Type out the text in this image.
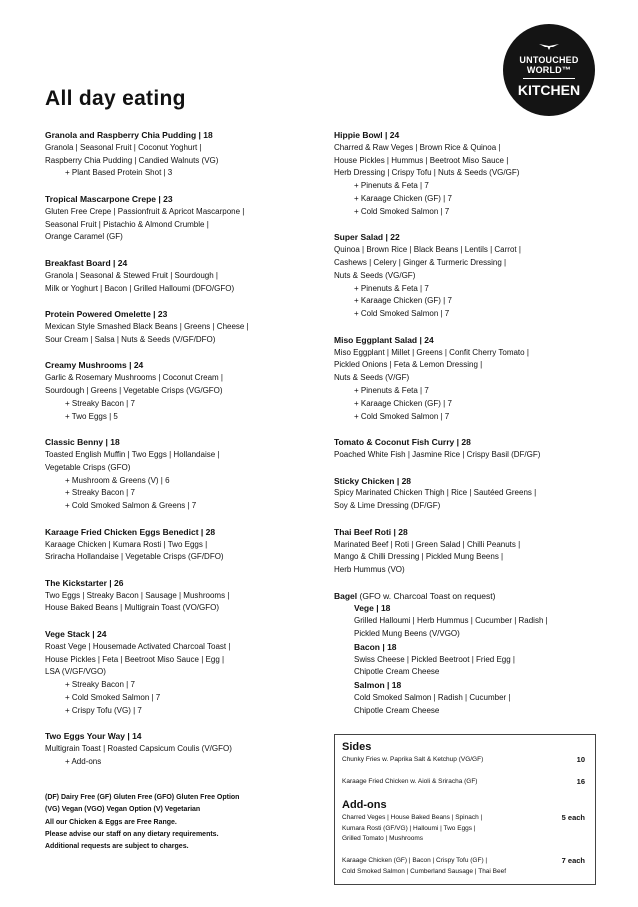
UNTOUCHED
WORLD™
KITCHEN
All day eating
Granola and Raspberry Chia Pudding | 18

Granola | Seasonal Fruit | Coconut Yoghurt |
Raspberry Chia Pudding | Candied Walnuts (VG)

+ Plant Based Protein Shot | 3
Tropical Mascarpone Crepe | 23

Gluten Free Crepe | Passionfruit & Apricot Mascarpone |
Seasonal Fruit | Pistachio & Almond Crumble |
Orange Caramel (GF)

Breakfast Board | 24

Granola | Seasonal & Stewed Fruit | Sourdough |
Milk or Yoghurt | Bacon | Grilled Halloumi (DFO/GFO)

Protein Powered Omelette | 23

Mexican Style Smashed Black Beans | Greens | Cheese |
Sour Cream | Salsa | Nuts & Seeds (V/GF/DFO)

Creamy Mushrooms | 24

Garlic & Rosemary Mushrooms | Coconut Cream |
Sourdough | Greens | Vegetable Crisps (VG/GFO)

+ Streaky Bacon | 7
+ Two Eggs | 5
Classic Benny | 18

Toasted English Muffin | Two Eggs | Hollandaise |
Vegetable Crisps (GFO)

+ Mushroom & Greens (V) | 6
+ Streaky Bacon | 7
+ Cold Smoked Salmon & Greens | 7
Karaage Fried Chicken Eggs Benedict | 28

Karaage Chicken | Kumara Rosti | Two Eggs |
Sriracha Hollandaise | Vegetable Crisps (GF/DFO)

The Kickstarter | 26

Two Eggs | Streaky Bacon | Sausage | Mushrooms |
House Baked Beans | Multigrain Toast (VO/GFO)

Vege Stack | 24

Roast Vege | Housemade Activated Charcoal Toast |
House Pickles | Feta | Beetroot Miso Sauce | Egg |
LSA (V/GF/VGO)

+ Streaky Bacon | 7
+ Cold Smoked Salmon | 7
+ Crispy Tofu (VG) | 7
Two Eggs Your Way | 14

Multigrain Toast | Roasted Capsicum Coulis (V/GFO)

+ Add-ons
Hippie Bowl | 24

Charred & Raw Veges | Brown Rice & Quinoa |
House Pickles | Hummus | Beetroot Miso Sauce |
Herb Dressing | Crispy Tofu | Nuts & Seeds (VG/GF)

+ Pinenuts & Feta | 7
+ Karaage Chicken (GF) | 7
+ Cold Smoked Salmon | 7
Super Salad | 22

Quinoa | Brown Rice | Black Beans | Lentils | Carrot |
Cashews | Celery | Ginger & Turmeric Dressing |
Nuts & Seeds (VG/GF)

+ Pinenuts & Feta | 7
+ Karaage Chicken (GF) | 7
+ Cold Smoked Salmon | 7
Miso Eggplant Salad | 24

Miso Eggplant | Millet | Greens | Confit Cherry Tomato |
Pickled Onions | Feta & Lemon Dressing |
Nuts & Seeds (V/GF)

+ Pinenuts & Feta | 7
+ Karaage Chicken (GF) | 7
+ Cold Smoked Salmon | 7
Tomato & Coconut Fish Curry | 28

Poached White Fish | Jasmine Rice | Crispy Basil (DF/GF)

Sticky Chicken | 28

Spicy Marinated Chicken Thigh | Rice | Sautéed Greens |
Soy & Lime Dressing (DF/GF)

Thai Beef Roti | 28

Marinated Beef | Roti | Green Salad | Chilli Peanuts |
Mango & Chilli Dressing | Pickled Mung Beens |
Herb Hummus (VO)

Bagel (GFO w. Charcoal Toast on request)
Vege | 18

Grilled Halloumi | Herb Hummus | Cucumber | Radish |
Pickled Mung Beens (V/VGO)

Bacon | 18

Swiss Cheese | Pickled Beetroot | Fried Egg |
Chipotle Cream Cheese

Salmon | 18

Cold Smoked Salmon | Radish | Cucumber |
Chipotle Cream Cheese

(DF) Dairy Free (GF) Gluten Free (GFO) Gluten Free Option

(VG) Vegan (VGO) Vegan Option (V) Vegetarian

All our Chicken & Eggs are Free Range.

Please advise our staff on any dietary requirements.

Additional requests are subject to charges.

Sides
Chunky Fries w. Paprika Salt & Ketchup (VG/GF)	10
Karaage Fried Chicken w. Aioli & Sriracha (GF)	16
Add-ons
Charred Veges | House Baked Beans | Spinach |
Kumara Rosti (GF/VG) | Halloumi | Two Eggs |
Grilled Tomato | Mushrooms
5 each
Karaage Chicken (GF) | Bacon | Crispy Tofu (GF) |
Cold Smoked Salmon | Cumberland Sausage | Thai Beef
7 each
